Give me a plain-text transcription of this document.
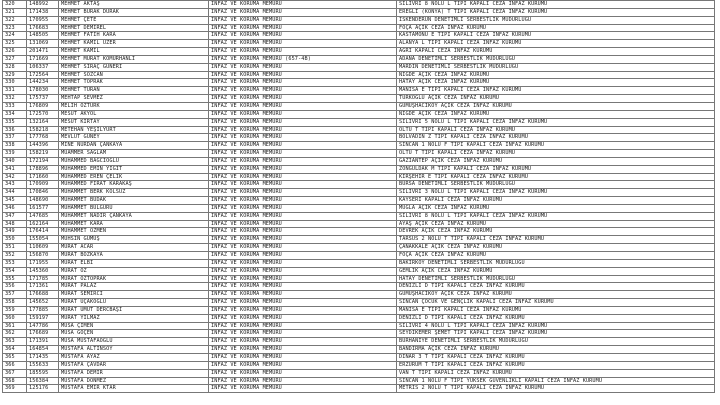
320	148992	MEHMET AKTAŞ	İNFAZ VE KORUMA MEMURU	SİLİVRİ 8 NOLU L TİPİ KAPALI CEZA İNFAZ KURUMU
321	171438	MEHMET BURAK DURAK	İNFAZ VE KORUMA MEMURU	EREĞLİ (KONYA) T TİPİ KAPALI CEZA İNFAZ KURUMU
322	170955	MEHMET ÇETE	İNFAZ VE KORUMA MEMURU	İSKENDERUN DENETİMLİ SERBESTLİK MÜDÜRLÜĞÜ
323	176683	MEHMET DEMİREL	İNFAZ VE KORUMA MEMURU	FOÇA AÇIK CEZA İNFAZ KURUMU
324	148505	MEHMET FATİH KARA	İNFAZ VE KORUMA MEMURU	KASTAMONU E TİPİ KAPALI CEZA İNFAZ KURUMU
325	131069	MEHMET KAMİL UZER	İNFAZ VE KORUMA MEMURU	ALANYA L TİPİ KAPALI CEZA İNFAZ KURUMU
326	201471	MEHMET KAMİL	İNFAZ VE KORUMA MEMURU	AĞRI KAPALI CEZA İNFAZ KURUMU
327	171669	MEHMET MURAT KÖMÜRHANLI	İNFAZ VE KORUMA MEMURU (657-4B)	ADANA DENETİMLİ SERBESTLİK MÜDÜRLÜĞÜ
328	106337	MEHMET SIRAÇ GÜNERİ	İNFAZ VE KORUMA MEMURU	MARDİN DENETİMLİ SERBESTLİK MÜDÜRLÜĞÜ
329	172564	MEHMET SÖZCAN	İNFAZ VE KORUMA MEMURU	NİĞDE AÇIK CEZA İNFAZ KURUMU
330	144234	MEHMET TOPRAK	İNFAZ VE KORUMA MEMURU	HATAY AÇIK CEZA İNFAZ KURUMU
331	178030	MEHMET TURAN	İNFAZ VE KORUMA MEMURU	MANİSA E TİPİ KAPALI CEZA İNFAZ KURUMU
332	175737	MEHTAP SEVMEZ	İNFAZ VE KORUMA MEMURU	TÜRKOĞLU AÇIK CEZA İNFAZ KURUMU
333	176809	MELİH ÖZTÜRK	İNFAZ VE KORUMA MEMURU	GÜMÜŞHACIKÖY AÇIK CEZA İNFAZ KURUMU
334	172570	MESUT AKYOL	İNFAZ VE KORUMA MEMURU	NİĞDE AÇIK CEZA İNFAZ KURUMU
335	132164	MESUT KIRTAY	İNFAZ VE KORUMA MEMURU	SİLİVRİ 5 NOLU L TİPİ KAPALI CEZA İNFAZ KURUMU
336	158218	METEHAN YEŞİLYURT	İNFAZ VE KORUMA MEMURU	OLTU T TİPİ KAPALI CEZA İNFAZ KURUMU
337	177768	MEVLÜT GÜNEY	İNFAZ VE KORUMA MEMURU	BOLVADİN Z TİPİ KAPALI CEZA İNFAZ KURUMU
338	144396	MİNE NURDAN ÇANKAYA	İNFAZ VE KORUMA MEMURU	SİNCAN 1 NOLU F TİPİ KAPALI CEZA İNFAZ KURUMU
339	158219	MUAMMER SAĞLAM	İNFAZ VE KORUMA MEMURU	OLTU T TİPİ KAPALI CEZA İNFAZ KURUMU
340	172194	MUHAMMED BAĞCIOĞLU	İNFAZ VE KORUMA MEMURU	GAZİANTEP AÇIK CEZA İNFAZ KURUMU
341	178896	MUHAMMED EMİN YİĞİT	İNFAZ VE KORUMA MEMURU	ZONGULDAK M TİPİ KAPALI CEZA İNFAZ KURUMU
342	171660	MUHAMMED EREN ÇELİK	İNFAZ VE KORUMA MEMURU	KIRŞEHİR E TİPİ KAPALI CEZA İNFAZ KURUMU
343	170909	MUHAMMED FIRAT KARAKAŞ	İNFAZ VE KORUMA MEMURU	BURSA DENETİMLİ SERBESTLİK MÜDÜRLÜĞÜ
344	170846	MUHAMMET BERK KOLSUZ	İNFAZ VE KORUMA MEMURU	SİLİVRİ 3 NOLU L TİPİ KAPALI CEZA İNFAZ KURUMU
345	148690	MUHAMMET BUDAK	İNFAZ VE KORUMA MEMURU	KAYSERİ KAPALI CEZA İNFAZ KURUMU
346	161577	MUHAMMET BULGURU	İNFAZ VE KORUMA MEMURU	MUĞLA AÇIK CEZA İNFAZ KURUMU
347	147685	MUHAMMET NADİR ÇANKAYA	İNFAZ VE KORUMA MEMURU	SİLİVRİ 8 NOLU L TİPİ KAPALI CEZA İNFAZ KURUMU
348	162164	MUHAMMET KARA	İNFAZ VE KORUMA MEMURU	AYAŞ AÇIK CEZA İNFAZ KURUMU
349	176414	MUHAMMET ÖZMEN	İNFAZ VE KORUMA MEMURU	DEVREK AÇIK CEZA İNFAZ KURUMU
350	155054	MUHSİN GÜMÜŞ	İNFAZ VE KORUMA MEMURU	TARSUS 2 NOLU T TİPİ KAPALI CEZA İNFAZ KURUMU
351	110609	MURAT ACAR	İNFAZ VE KORUMA MEMURU	ÇANAKKALE AÇIK CEZA İNFAZ KURUMU
352	156870	MURAT BOZKAYA	İNFAZ VE KORUMA MEMURU	FOÇA AÇIK CEZA İNFAZ KURUMU
353	171955	MURAT ELBİ	İNFAZ VE KORUMA MEMURU	BAKIRKÖY DENETİMLİ SERBESTLİK MÜDÜRLÜĞÜ
354	145360	MURAT ÖZ	İNFAZ VE KORUMA MEMURU	GEMLİK AÇIK CEZA İNFAZ KURUMU
355	171785	MURAT ÖZTOPRAK	İNFAZ VE KORUMA MEMURU	HATAY DENETİMLİ SERBESTLİK MÜDÜRLÜĞÜ
356	171361	MURAT PALAZ	İNFAZ VE KORUMA MEMURU	DENİZLİ D TİPİ KAPALI CEZA İNFAZ KURUMU
357	176688	MURAT SEMİRCİ	İNFAZ VE KORUMA MEMURU	GÜMÜŞHACIKÖY AÇIK CEZA İNFAZ KURUMU
358	145652	MURAT UÇAKOĞLU	İNFAZ VE KORUMA MEMURU	SİNCAN ÇOCUK VE GENÇLİK KAPALI CEZA İNFAZ KURUMU
359	177885	MURAT UMUT DERCBAŞI	İNFAZ VE KORUMA MEMURU	MANİSA E TİPİ KAPALI CEZA İNFAZ KURUMU
360	159197	MURAT YILMAZ	İNFAZ VE KORUMA MEMURU	DENİZLİ D TİPİ KAPALI CEZA İNFAZ KURUMU
361	147786	MUSA ÇİMEN	İNFAZ VE KORUMA MEMURU	SİLİVRİ 4 NOLU L TİPİ KAPALI CEZA İNFAZ KURUMU
362	176689	MUSA GÖÇEN	İNFAZ VE KORUMA MEMURU	SEYDİKEMER ŞEMET TİPİ KAPALI CEZA İNFAZ KURUMU
363	171391	MUSA MUSTAFAOĞLU	İNFAZ VE KORUMA MEMURU	BURHANİYE DENETİMLİ SERBESTLİK MÜDÜRLÜĞÜ
364	164854	MUSTAFA ALTINSOY	İNFAZ VE KORUMA MEMURU	BANDIRMA AÇIK CEZA İNFAZ KURUMU
365	171435	MUSTAFA AYAZ	İNFAZ VE KORUMA MEMURU	DİNAR 3 T TİPİ KAPALI CEZA İNFAZ KURUMU
366	155633	MUSTAFA ÇAVDAR	İNFAZ VE KORUMA MEMURU	ERZURUM T TİPİ KAPALI CEZA İNFAZ KURUMU
367	185595	MUSTAFA DEMİR	İNFAZ VE KORUMA MEMURU	VAN T TİPİ KAPALI CEZA İNFAZ KURUMU
368	156384	MUSTAFA DÖNMEZ	İNFAZ VE KORUMA MEMURU	SİNCAN 1 NOLU F TİPİ YÜKSEK GÜVENLİKLİ KAPALI CEZA İNFAZ KURUMU
369	125176	MUSTAFA EMİR KTAR	İNFAZ VE KORUMA MEMURU	METRİS 2 NOLU T TİPİ KAPALI CEZA İNFAZ KURUMU
